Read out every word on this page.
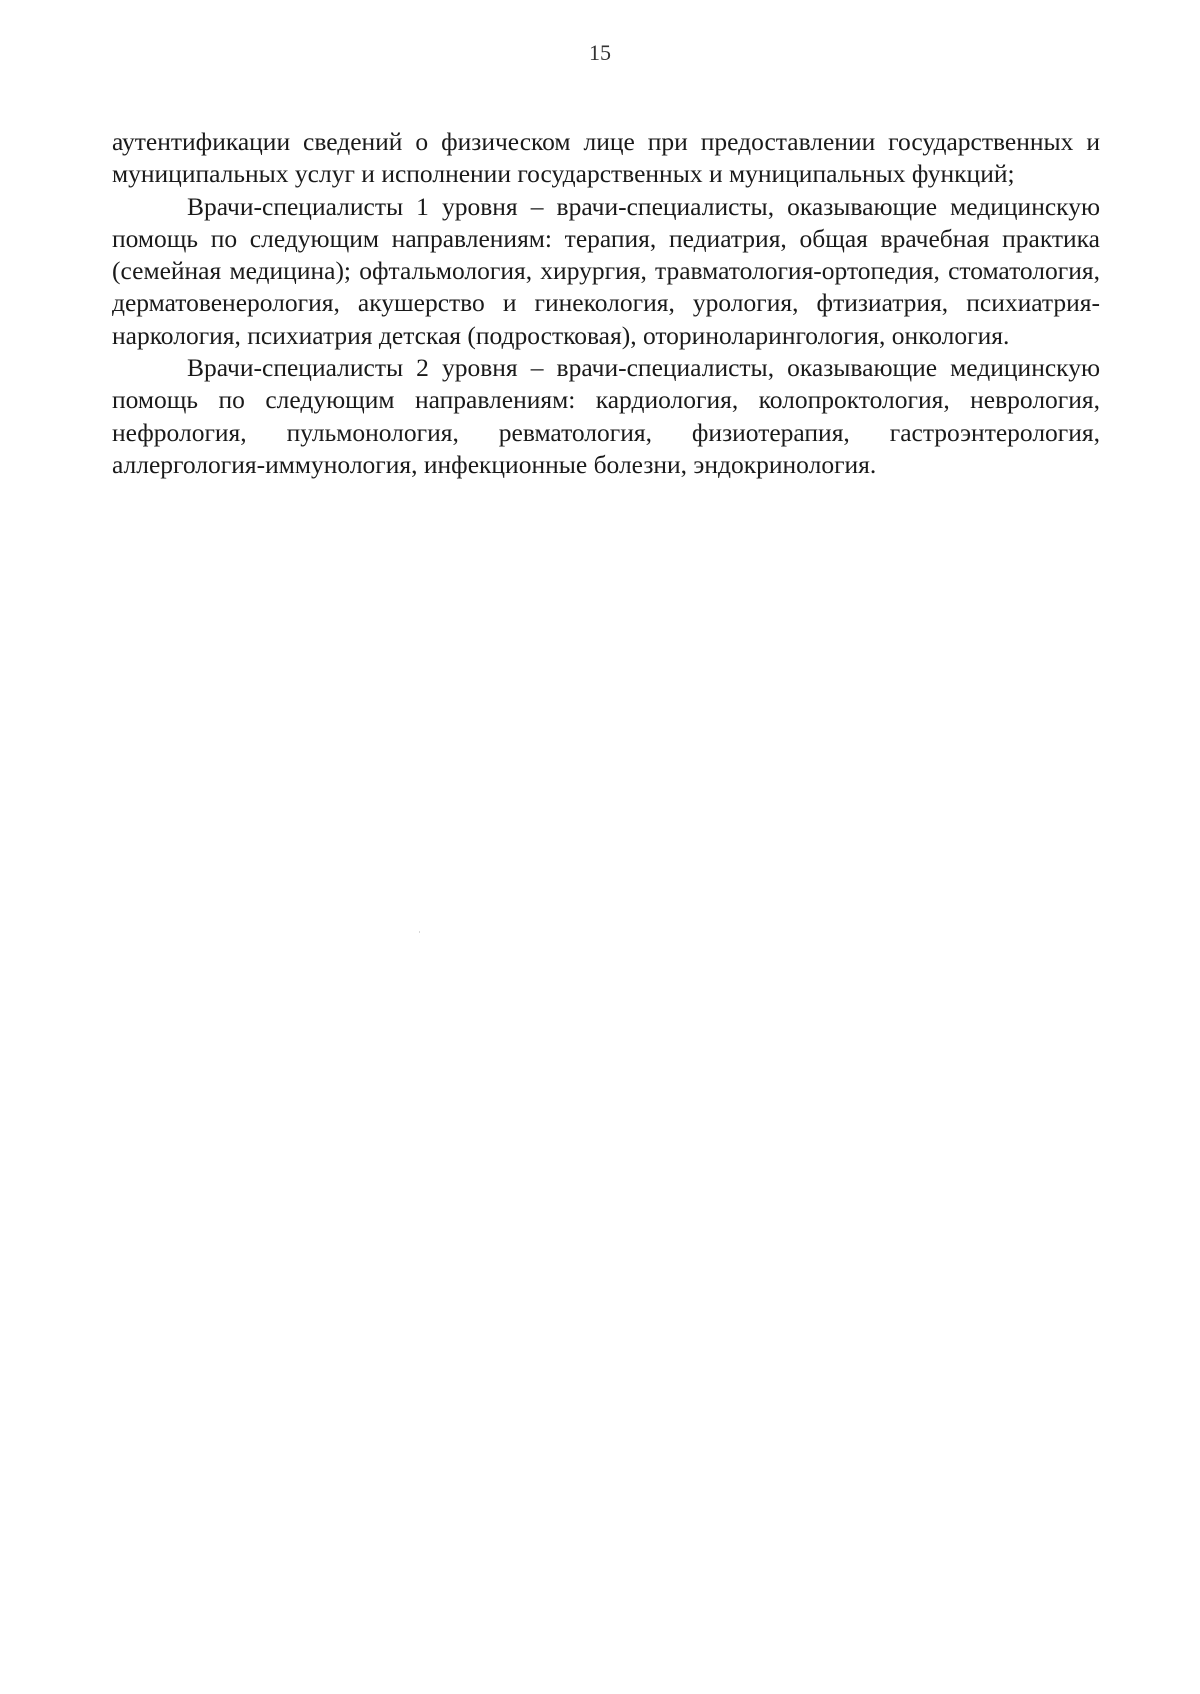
15

аутентификации сведений о физическом лице при предоставлении государственных и муниципальных услуг и исполнении государственных и муниципальных функций;

Врачи-специалисты 1 уровня – врачи-специалисты, оказывающие медицинскую помощь по следующим направлениям: терапия, педиатрия, общая врачебная практика (семейная медицина); офтальмология, хирургия, травматология-ортопедия, стоматология, дерматовенерология, акушерство и гинекология, урология, фтизиатрия, психиатрия-наркология, психиатрия детская (подростковая), оториноларингология, онкология.

Врачи-специалисты 2 уровня – врачи-специалисты, оказывающие медицинскую помощь по следующим направлениям: кардиология, колопроктология, неврология, нефрология, пульмонология, ревматология, физиотерапия, гастроэнтерология, аллергология-иммунология, инфекционные болезни, эндокринология.
